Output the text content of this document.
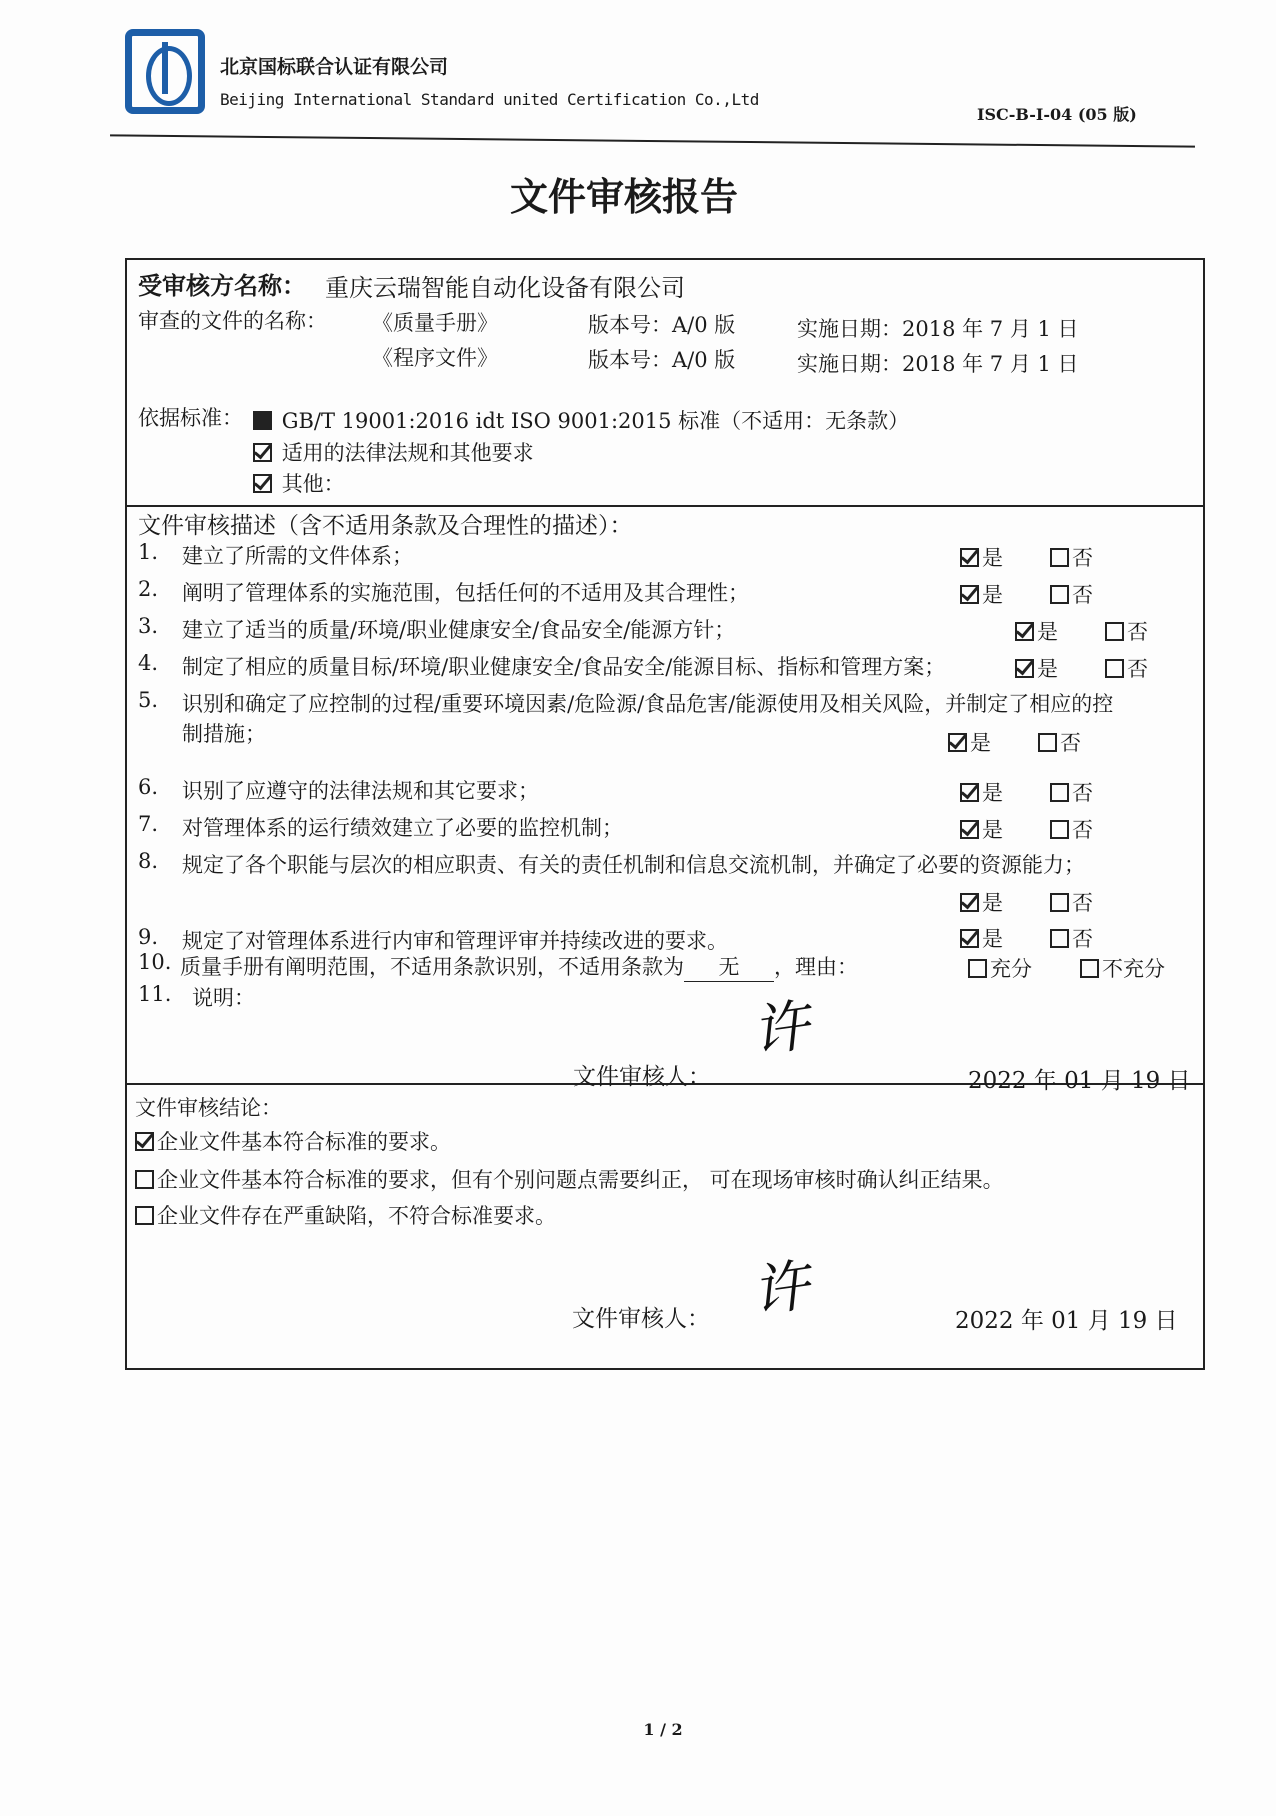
北京国标联合认证有限公司
Beijing International Standard united Certification Co.,Ltd
ISC-B-I-04 (05 版)
文件审核报告
受审核方名称： 重庆云瑞智能自动化设备有限公司
审查的文件的名称： 《质量手册》	版本号：A/0 版	实施日期：2018 年 7 月 1 日
《程序文件》	版本号：A/0 版	实施日期：2018 年 7 月 1 日
依据标准：	GB/T 19001:2016 idt ISO 9001:2015 标准（不适用：无条款）
适用的法律法规和其他要求
其他：
文件审核描述（含不适用条款及合理性的描述）：
1. 建立了所需的文件体系；	是	否
2. 阐明了管理体系的实施范围，包括任何的不适用及其合理性；	是	否
3. 建立了适当的质量/环境/职业健康安全/食品安全/能源方针；	是	否
4. 制定了相应的质量目标/环境/职业健康安全/食品安全/能源目标、指标和管理方案；	是	否
5. 识别和确定了应控制的过程/重要环境因素/危险源/食品危害/能源使用及相关风险，并制定了相应的控
制措施；	是	否
6. 识别了应遵守的法律法规和其它要求；	是	否
7. 对管理体系的运行绩效建立了必要的监控机制；	是	否
8. 规定了各个职能与层次的相应职责、有关的责任机制和信息交流机制，并确定了必要的资源能力；
是	否
9. 规定了对管理体系进行内审和管理评审并持续改进的要求。	是	否
10. 质量手册有阐明范围，不适用条款识别，不适用条款为 无 ，理由：	充分	不充分
11. 说明：
文件审核人：
许
2022 年 01 月 19 日
文件审核结论：
企业文件基本符合标准的要求。
企业文件基本符合标准的要求，但有个别问题点需要纠正， 可在现场审核时确认纠正结果。
企业文件存在严重缺陷，不符合标准要求。
文件审核人： 许	2022 年 01 月 19 日
1 / 2
